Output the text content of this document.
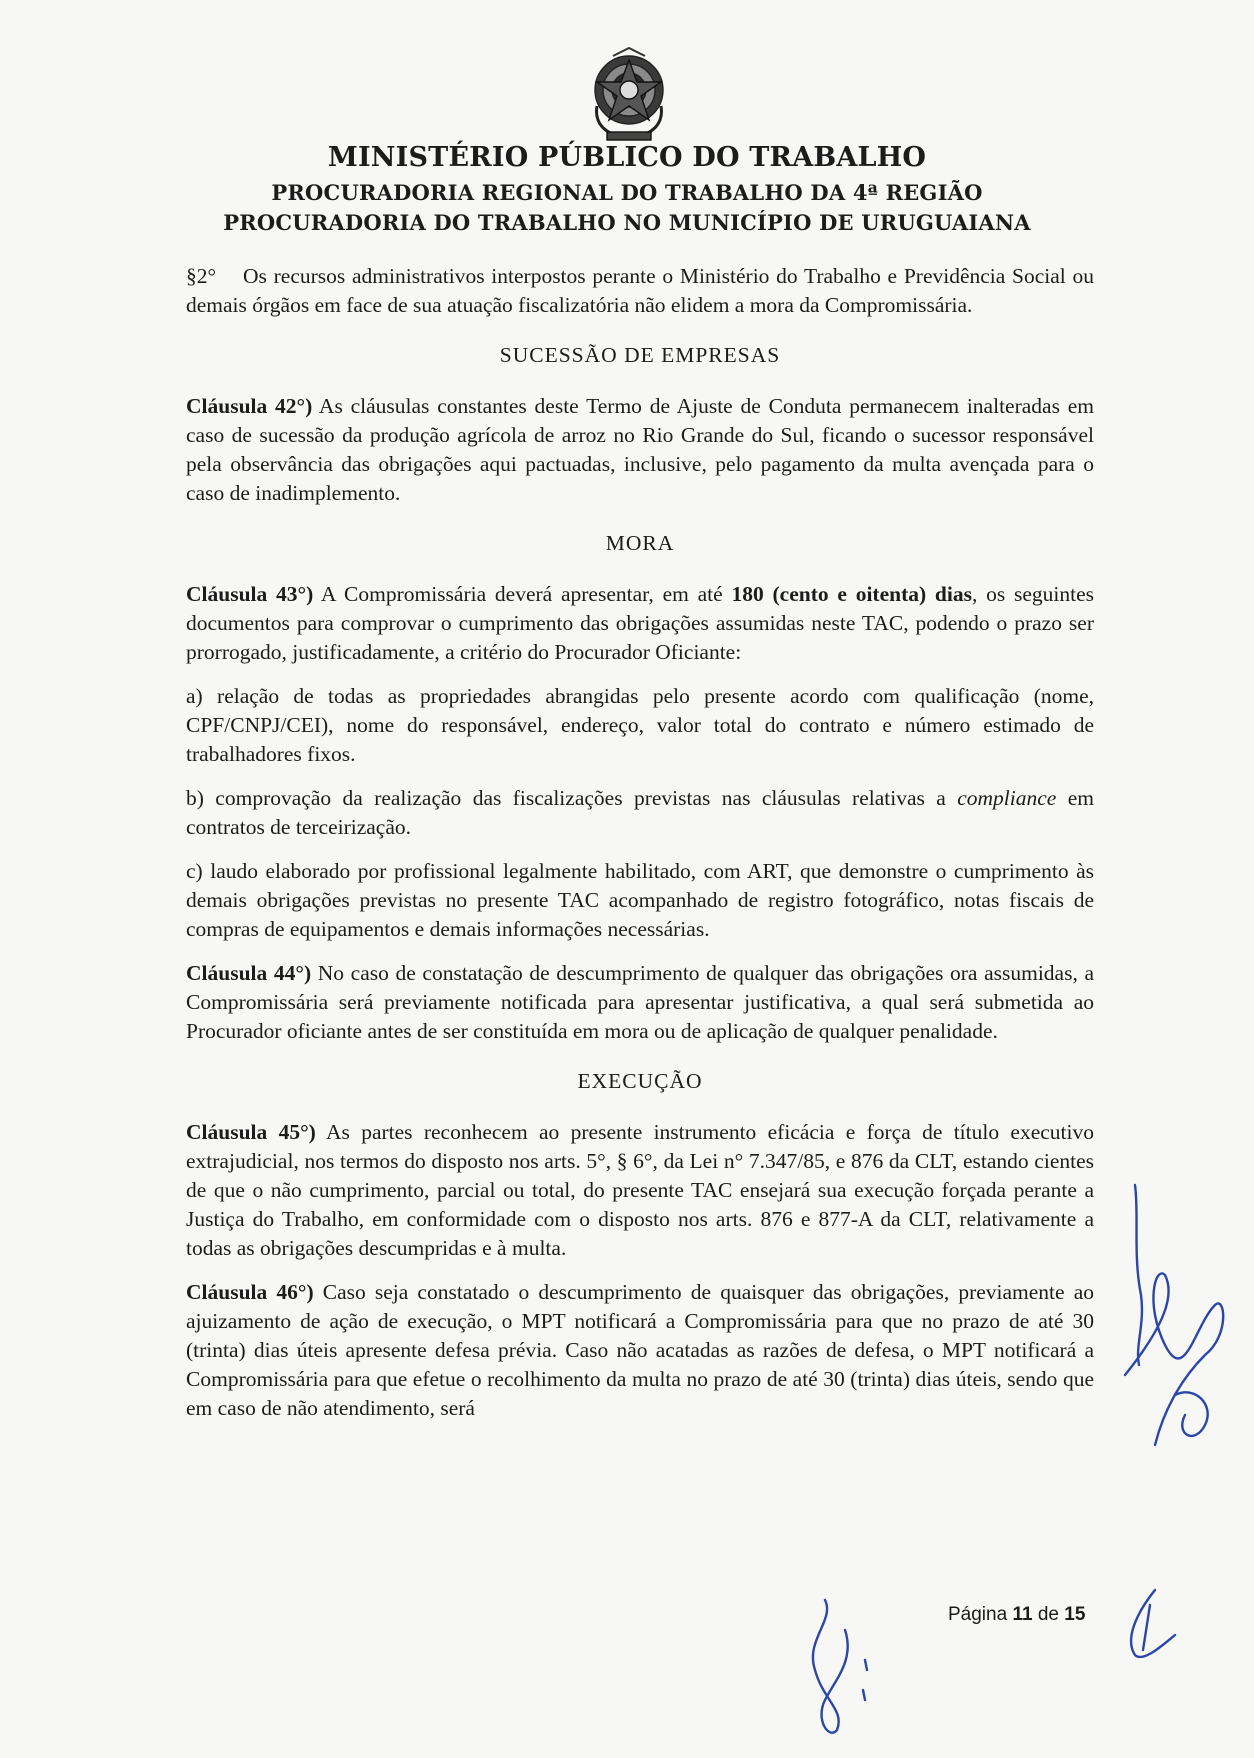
MINISTÉRIO PÚBLICO DO TRABALHO
PROCURADORIA REGIONAL DO TRABALHO DA 4ª REGIÃO
PROCURADORIA DO TRABALHO NO MUNICÍPIO DE URUGUAIANA

§2° Os recursos administrativos interpostos perante o Ministério do Trabalho e Previdência Social ou demais órgãos em face de sua atuação fiscalizatória não elidem a mora da Compromissária.

SUCESSÃO DE EMPRESAS

Cláusula 42°) As cláusulas constantes deste Termo de Ajuste de Conduta permanecem inalteradas em caso de sucessão da produção agrícola de arroz no Rio Grande do Sul, ficando o sucessor responsável pela observância das obrigações aqui pactuadas, inclusive, pelo pagamento da multa avençada para o caso de inadimplemento.

MORA

Cláusula 43°) A Compromissária deverá apresentar, em até 180 (cento e oitenta) dias, os seguintes documentos para comprovar o cumprimento das obrigações assumidas neste TAC, podendo o prazo ser prorrogado, justificadamente, a critério do Procurador Oficiante:

a) relação de todas as propriedades abrangidas pelo presente acordo com qualificação (nome, CPF/CNPJ/CEI), nome do responsável, endereço, valor total do contrato e número estimado de trabalhadores fixos.

b) comprovação da realização das fiscalizações previstas nas cláusulas relativas a compliance em contratos de terceirização.

c) laudo elaborado por profissional legalmente habilitado, com ART, que demonstre o cumprimento às demais obrigações previstas no presente TAC acompanhado de registro fotográfico, notas fiscais de compras de equipamentos e demais informações necessárias.

Cláusula 44°) No caso de constatação de descumprimento de qualquer das obrigações ora assumidas, a Compromissária será previamente notificada para apresentar justificativa, a qual será submetida ao Procurador oficiante antes de ser constituída em mora ou de aplicação de qualquer penalidade.

EXECUÇÃO

Cláusula 45°) As partes reconhecem ao presente instrumento eficácia e força de título executivo extrajudicial, nos termos do disposto nos arts. 5°, § 6°, da Lei n° 7.347/85, e 876 da CLT, estando cientes de que o não cumprimento, parcial ou total, do presente TAC ensejará sua execução forçada perante a Justiça do Trabalho, em conformidade com o disposto nos arts. 876 e 877-A da CLT, relativamente a todas as obrigações descumpridas e à multa.

Cláusula 46°) Caso seja constatado o descumprimento de quaisquer das obrigações, previamente ao ajuizamento de ação de execução, o MPT notificará a Compromissária para que no prazo de até 30 (trinta) dias úteis apresente defesa prévia. Caso não acatadas as razões de defesa, o MPT notificará a Compromissária para que efetue o recolhimento da multa no prazo de até 30 (trinta) dias úteis, sendo que em caso de não atendimento, será

Página 11 de 15
